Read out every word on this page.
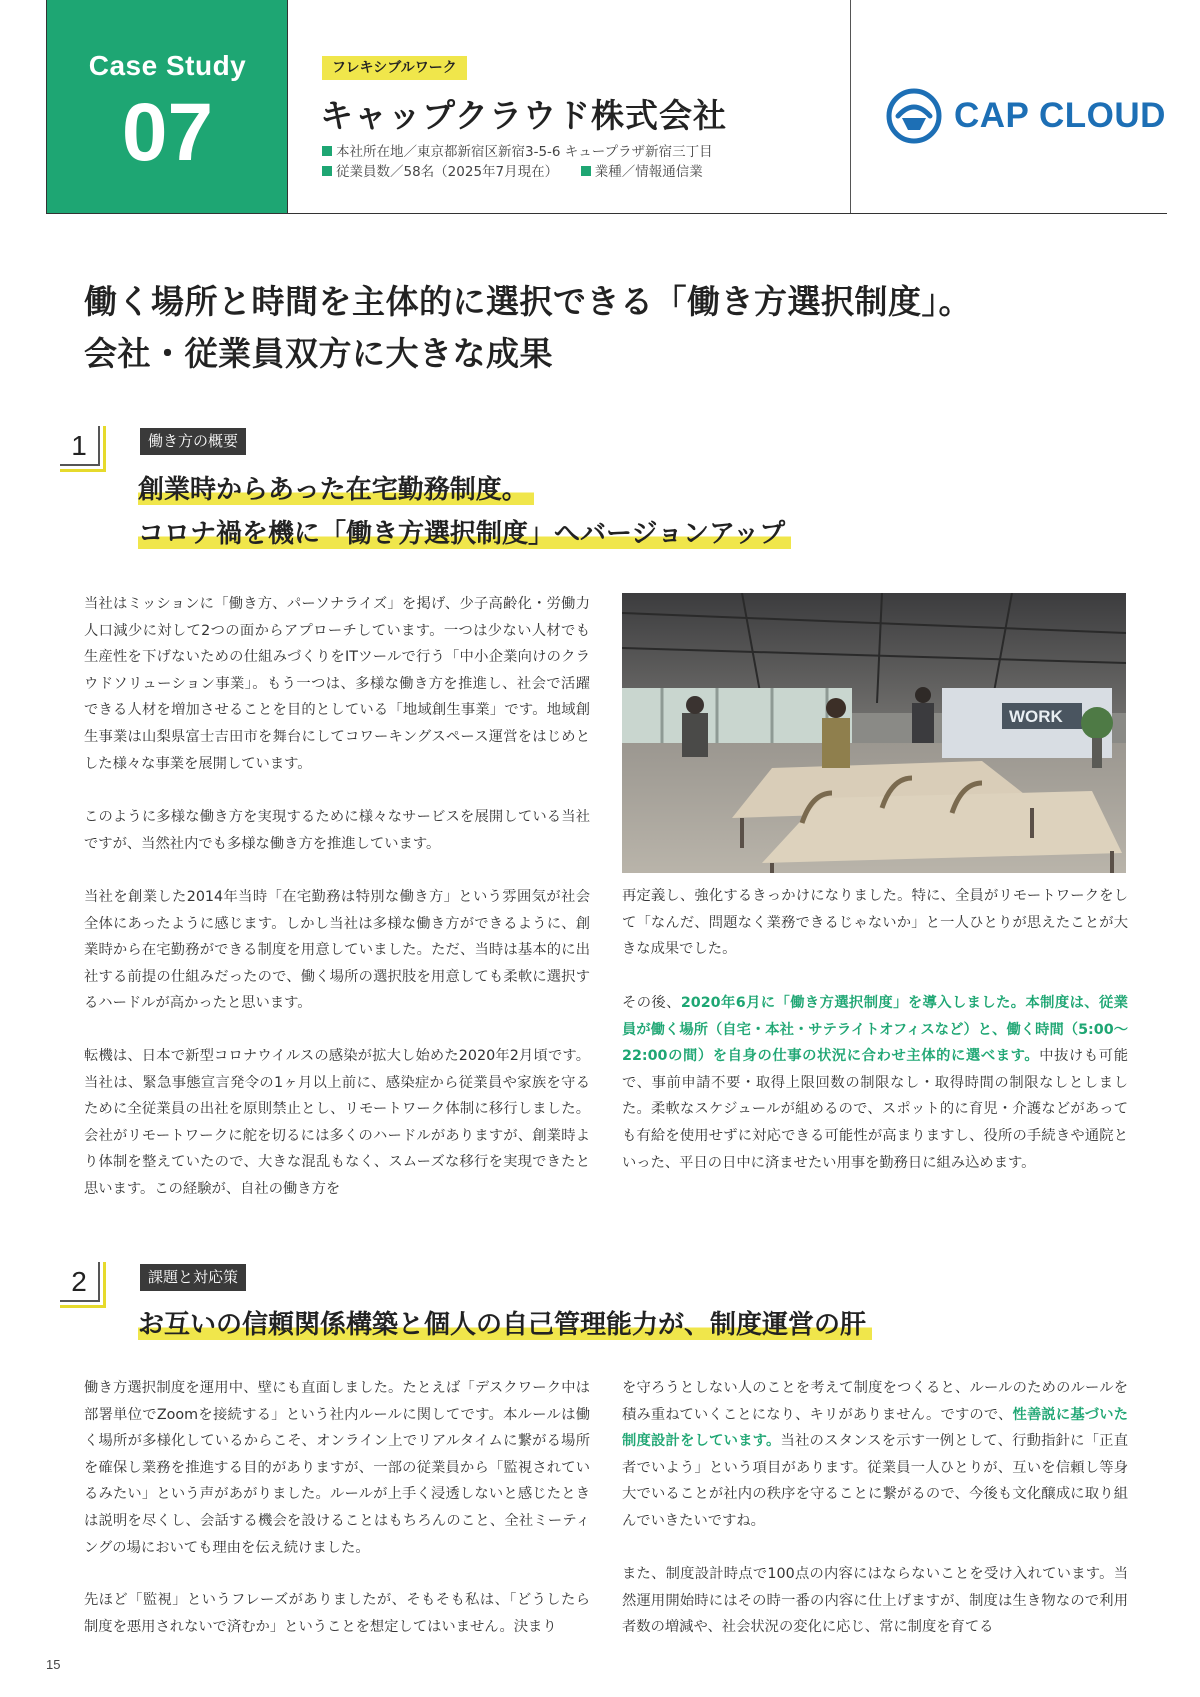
Case Study
07
フレキシブルワーク
キャップクラウド株式会社
本社所在地／東京都新宿区新宿3-5-6 キュープラザ新宿三丁目
従業員数／58名（2025年7月現在）	業種／情報通信業
CAP CLOUD
働く場所と時間を主体的に選択できる「働き方選択制度」。
会社・従業員双方に大きな成果
1	働き方の概要
創業時からあった在宅勤務制度。
コロナ禍を機に「働き方選択制度」へバージョンアップ
当社はミッションに「働き方、パーソナライズ」を掲げ、少子高齢化・労働力人口減少に対して2つの面からアプローチしています。一つは少ない人材でも生産性を下げないための仕組みづくりをITツールで行う「中小企業向けのクラウドソリューション事業」。もう一つは、多様な働き方を推進し、社会で活躍できる人材を増加させることを目的としている「地域創生事業」です。地域創生事業は山梨県富士吉田市を舞台にしてコワーキングスペース運営をはじめとした様々な事業を展開しています。
このように多様な働き方を実現するために様々なサービスを展開している当社ですが、当然社内でも多様な働き方を推進しています。
当社を創業した2014年当時「在宅勤務は特別な働き方」という雰囲気が社会全体にあったように感じます。しかし当社は多様な働き方ができるように、創業時から在宅勤務ができる制度を用意していました。ただ、当時は基本的に出社する前提の仕組みだったので、働く場所の選択肢を用意しても柔軟に選択するハードルが高かったと思います。
転機は、日本で新型コロナウイルスの感染が拡大し始めた2020年2月頃です。当社は、緊急事態宣言発令の1ヶ月以上前に、感染症から従業員や家族を守るために全従業員の出社を原則禁止とし、リモートワーク体制に移行しました。会社がリモートワークに舵を切るには多くのハードルがありますが、創業時より体制を整えていたので、大きな混乱もなく、スムーズな移行を実現できたと思います。この経験が、自社の働き方を
WORK
再定義し、強化するきっかけになりました。特に、全員がリモートワークをして「なんだ、問題なく業務できるじゃないか」と一人ひとりが思えたことが大きな成果でした。
その後、2020年6月に「働き方選択制度」を導入しました。本制度は、従業員が働く場所（自宅・本社・サテライトオフィスなど）と、働く時間（5:00〜22:00の間）を自身の仕事の状況に合わせ主体的に選べます。中抜けも可能で、事前申請不要・取得上限回数の制限なし・取得時間の制限なしとしました。柔軟なスケジュールが組めるので、スポット的に育児・介護などがあっても有給を使用せずに対応できる可能性が高まりますし、役所の手続きや通院といった、平日の日中に済ませたい用事を勤務日に組み込めます。
2	課題と対応策
お互いの信頼関係構築と個人の自己管理能力が、制度運営の肝
働き方選択制度を運用中、壁にも直面しました。たとえば「デスクワーク中は部署単位でZoomを接続する」という社内ルールに関してです。本ルールは働く場所が多様化しているからこそ、オンライン上でリアルタイムに繋がる場所を確保し業務を推進する目的がありますが、一部の従業員から「監視されているみたい」という声があがりました。ルールが上手く浸透しないと感じたときは説明を尽くし、会話する機会を設けることはもちろんのこと、全社ミーティングの場においても理由を伝え続けました。
先ほど「監視」というフレーズがありましたが、そもそも私は、「どうしたら制度を悪用されないで済むか」ということを想定してはいません。決まり
を守ろうとしない人のことを考えて制度をつくると、ルールのためのルールを積み重ねていくことになり、キリがありません。ですので、性善説に基づいた制度設計をしています。当社のスタンスを示す一例として、行動指針に「正直者でいよう」という項目があります。従業員一人ひとりが、互いを信頼し等身大でいることが社内の秩序を守ることに繋がるので、今後も文化醸成に取り組んでいきたいですね。
また、制度設計時点で100点の内容にはならないことを受け入れています。当然運用開始時にはその時一番の内容に仕上げますが、制度は生き物なので利用者数の増減や、社会状況の変化に応じ、常に制度を育てる
15
